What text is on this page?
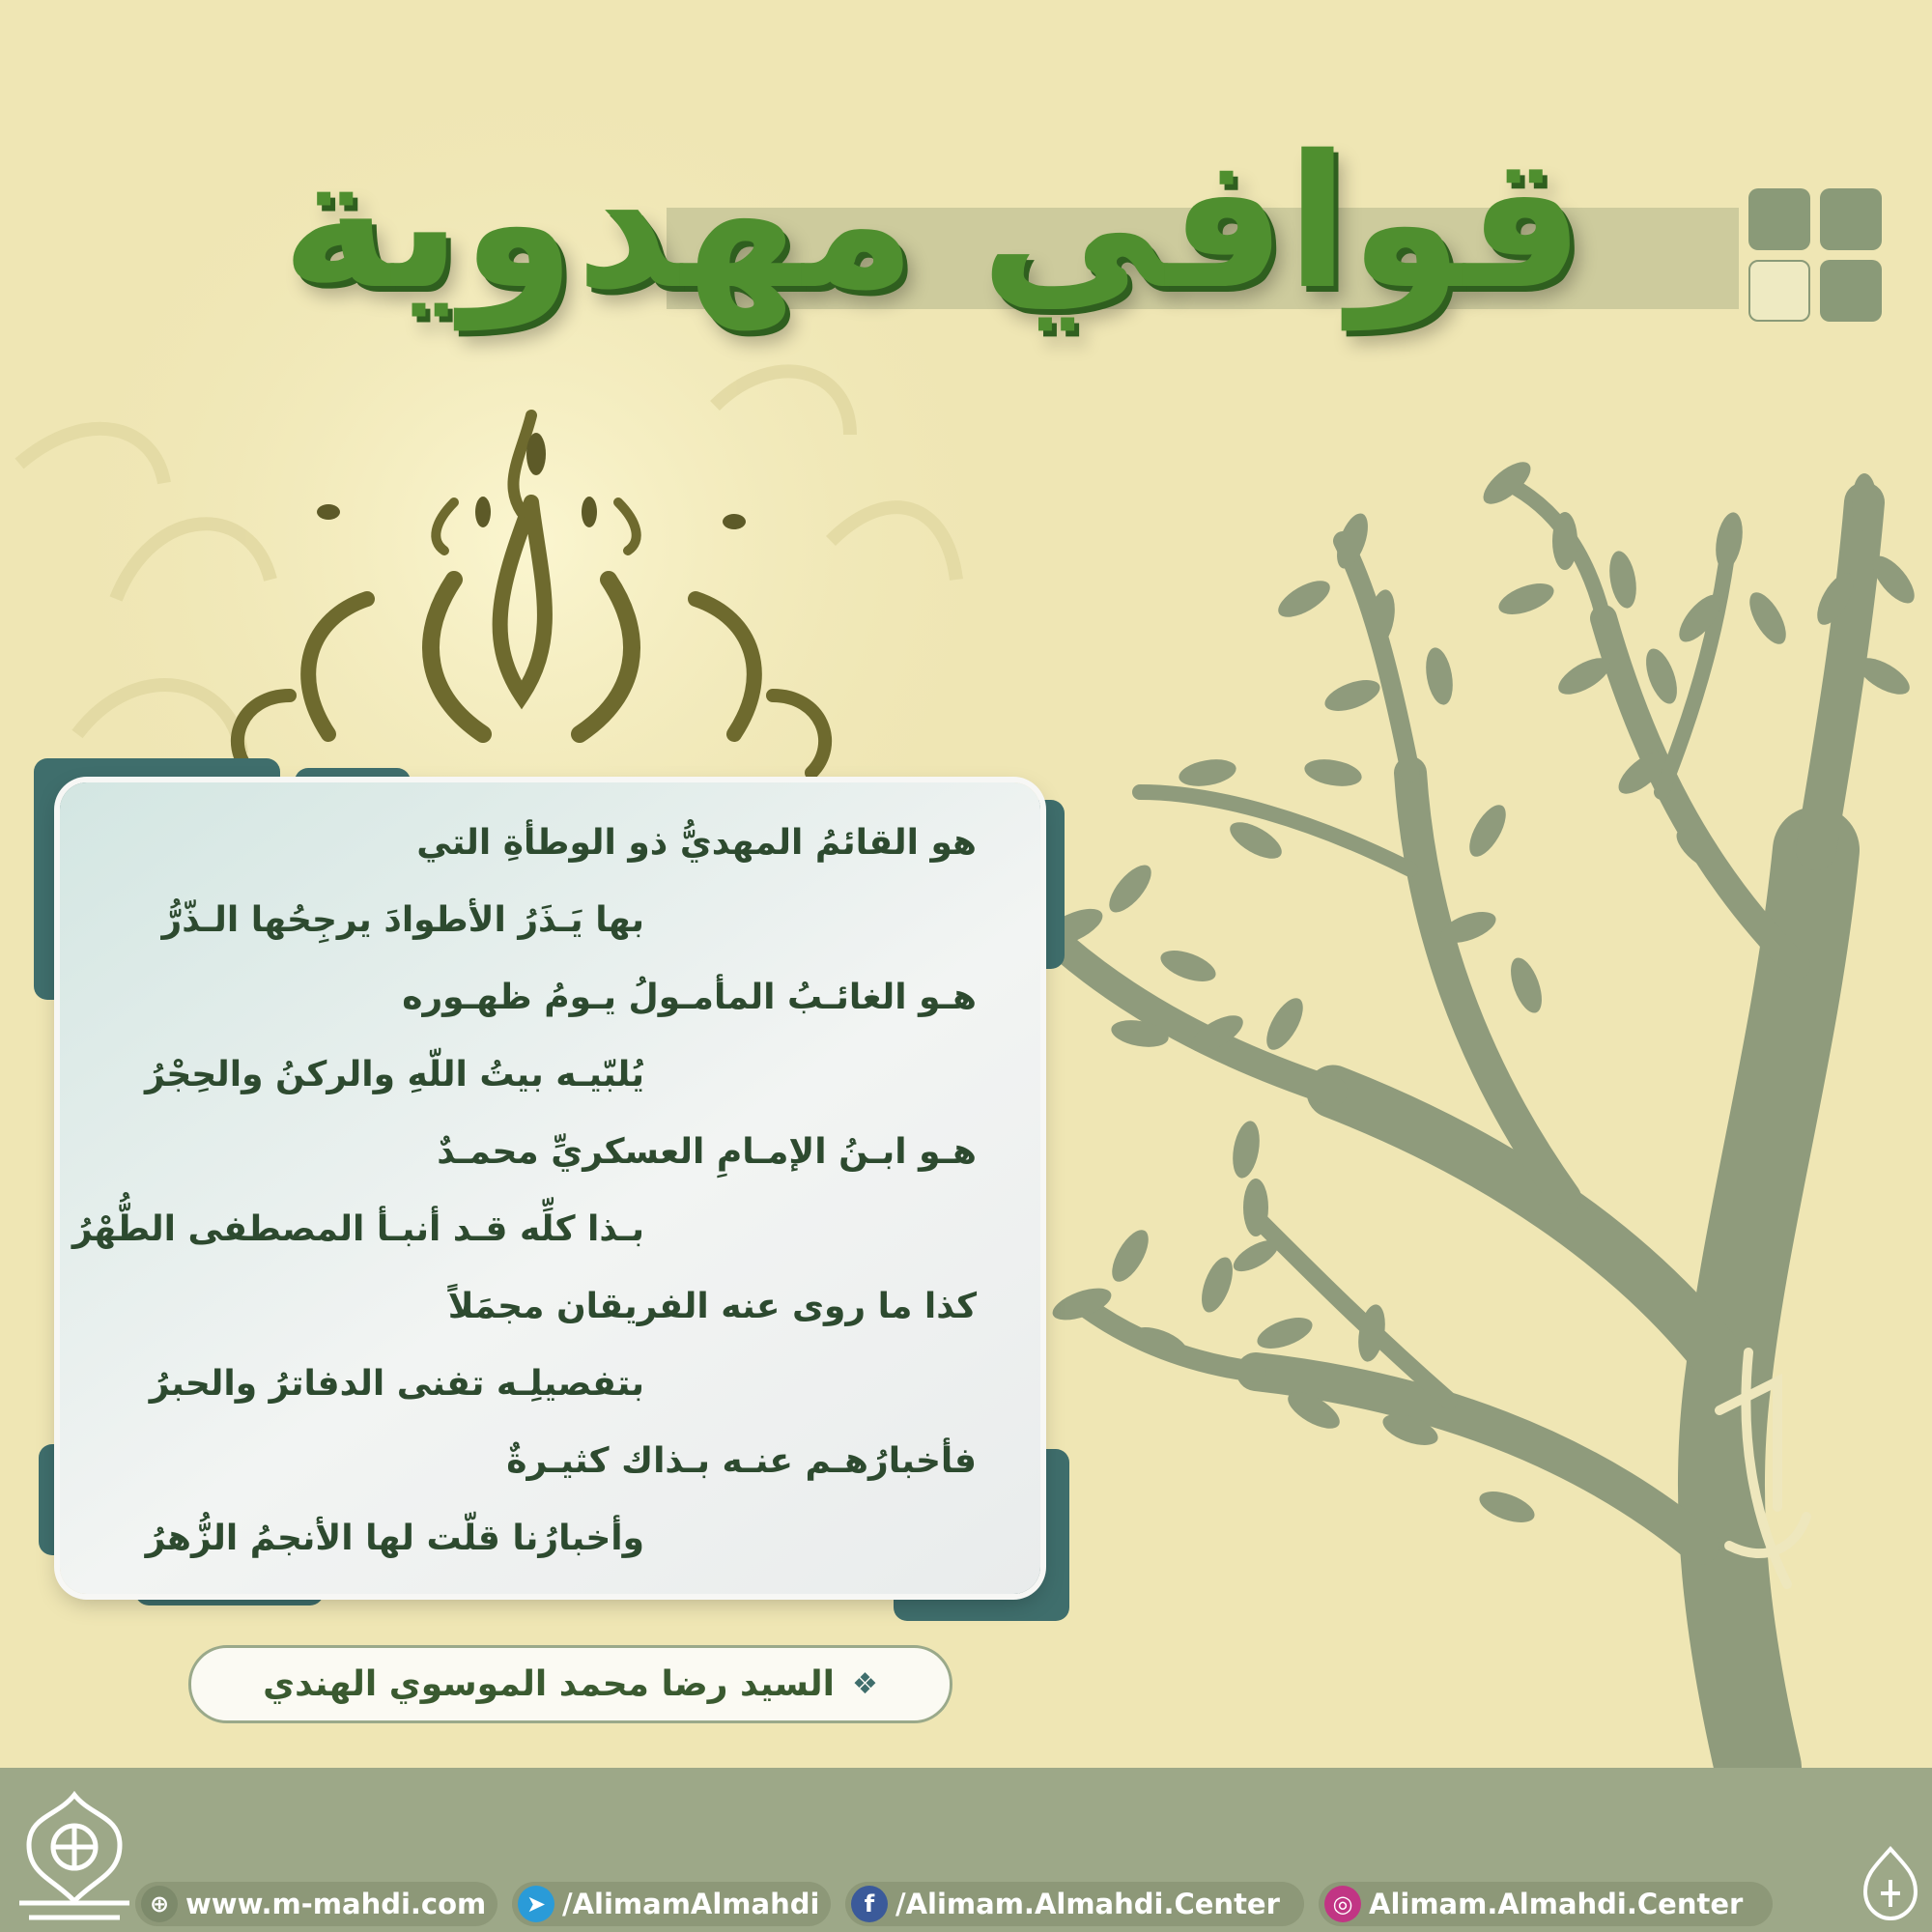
قوافي مهدوية
هو القائمُ المهديُّ ذو الوطأةِ التي
بها يَـذَرُ الأطوادَ يرجِحُها الـذّرُّ
هـو الغائـبُ المأمـولُ يـومُ ظهـوره
يُلبّيـه بيتُ اللّهِ والركنُ والحِجْرُ
هـو ابـنُ الإمـامِ العسكريِّ محمـدٌ
بـذا كلِّه قـد أنبـأ المصطفى الطُّهْرُ
كذا ما روى عنه الفريقان مجمَلاً
بتفصيلِـه تفنى الدفاترُ والحبرُ
فأخبارُهـم عنـه بـذاك كثيـرةٌ
وأخبارُنا قلّت لها الأنجمُ الزُّهرُ
❖
السيد رضا محمد الموسوي الهندي
⊕ www.m-mahdi.com	➤ /AlimamAlmahdi	f /Alimam.Almahdi.Center	◎ Alimam.Almahdi.Center
